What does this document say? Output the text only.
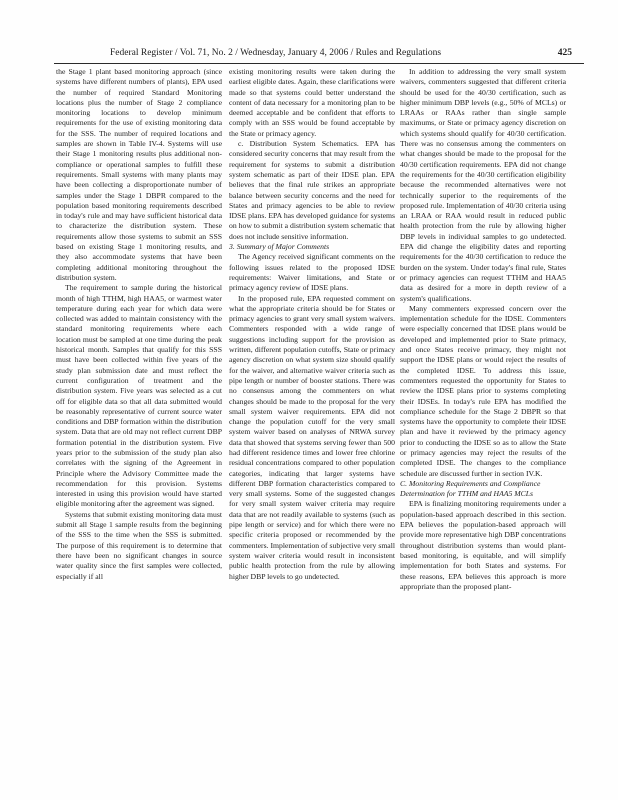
Federal Register / Vol. 71, No. 2 / Wednesday, January 4, 2006 / Rules and Regulations	425

the Stage 1 plant based monitoring approach (since systems have different numbers of plants), EPA used the number of required Standard Monitoring locations plus the number of Stage 2 compliance monitoring locations to develop minimum requirements for the use of existing monitoring data for the SSS. The number of required locations and samples are shown in Table IV-4. Systems will use their Stage 1 monitoring results plus additional non-compliance or operational samples to fulfill these requirements. Small systems with many plants may have been collecting a disproportionate number of samples under the Stage 1 DBPR compared to the population based monitoring requirements described in today's rule and may have sufficient historical data to characterize the distribution system. These requirements allow those systems to submit an SSS based on existing Stage 1 monitoring results, and they also accommodate systems that have been completing additional monitoring throughout the distribution system.

The requirement to sample during the historical month of high TTHM, high HAA5, or warmest water temperature during each year for which data were collected was added to maintain consistency with the standard monitoring requirements where each location must be sampled at one time during the peak historical month. Samples that qualify for this SSS must have been collected within five years of the study plan submission date and must reflect the current configuration of treatment and the distribution system. Five years was selected as a cut off for eligible data so that all data submitted would be reasonably representative of current source water conditions and DBP formation within the distribution system. Data that are old may not reflect current DBP formation potential in the distribution system. Five years prior to the submission of the study plan also correlates with the signing of the Agreement in Principle where the Advisory Committee made the recommendation for this provision. Systems interested in using this provision would have started eligible monitoring after the agreement was signed.

Systems that submit existing monitoring data must submit all Stage 1 sample results from the beginning of the SSS to the time when the SSS is submitted. The purpose of this requirement is to determine that there have been no significant changes in source water quality since the first samples were collected, especially if all

existing monitoring results were taken during the earliest eligible dates. Again, these clarifications were made so that systems could better understand the content of data necessary for a monitoring plan to be deemed acceptable and be confident that efforts to comply with an SSS would be found acceptable by the State or primacy agency.

c. Distribution System Schematics. EPA has considered security concerns that may result from the requirement for systems to submit a distribution system schematic as part of their IDSE plan. EPA believes that the final rule strikes an appropriate balance between security concerns and the need for States and primacy agencies to be able to review IDSE plans. EPA has developed guidance for systems on how to submit a distribution system schematic that does not include sensitive information.

3. Summary of Major Comments

The Agency received significant comments on the following issues related to the proposed IDSE requirements: Waiver limitations, and State or primacy agency review of IDSE plans.

In the proposed rule, EPA requested comment on what the appropriate criteria should be for States or primacy agencies to grant very small system waivers. Commenters responded with a wide range of suggestions including support for the provision as written, different population cutoffs, State or primacy agency discretion on what system size should qualify for the waiver, and alternative waiver criteria such as pipe length or number of booster stations. There was no consensus among the commenters on what changes should be made to the proposal for the very small system waiver requirements. EPA did not change the population cutoff for the very small system waiver based on analyses of NRWA survey data that showed that systems serving fewer than 500 had different residence times and lower free chlorine residual concentrations compared to other population categories, indicating that larger systems have different DBP formation characteristics compared to very small systems. Some of the suggested changes for very small system waiver criteria may require data that are not readily available to systems (such as pipe length or service) and for which there were no specific criteria proposed or recommended by the commenters. Implementation of subjective very small system waiver criteria would result in inconsistent public health protection from the rule by allowing higher DBP levels to go undetected.

In addition to addressing the very small system waivers, commenters suggested that different criteria should be used for the 40/30 certification, such as higher minimum DBP levels (e.g., 50% of MCLs) or LRAAs or RAAs rather than single sample maximums, or State or primacy agency discretion on which systems should qualify for 40/30 certification. There was no consensus among the commenters on what changes should be made to the proposal for the 40/30 certification requirements. EPA did not change the requirements for the 40/30 certification eligibility because the recommended alternatives were not technically superior to the requirements of the proposed rule. Implementation of 40/30 criteria using an LRAA or RAA would result in reduced public health protection from the rule by allowing higher DBP levels in individual samples to go undetected. EPA did change the eligibility dates and reporting requirements for the 40/30 certification to reduce the burden on the system. Under today's final rule, States or primacy agencies can request TTHM and HAA5 data as desired for a more in depth review of a system's qualifications.

Many commenters expressed concern over the implementation schedule for the IDSE. Commenters were especially concerned that IDSE plans would be developed and implemented prior to State primacy, and once States receive primacy, they might not support the IDSE plans or would reject the results of the completed IDSE. To address this issue, commenters requested the opportunity for States to review the IDSE plans prior to systems completing their IDSEs. In today's rule EPA has modified the compliance schedule for the Stage 2 DBPR so that systems have the opportunity to complete their IDSE plan and have it reviewed by the primacy agency prior to conducting the IDSE so as to allow the State or primacy agencies may reject the results of the completed IDSE. The changes to the compliance schedule are discussed further in section IV.K.

C. Monitoring Requirements and Compliance Determination for TTHM and HAA5 MCLs

EPA is finalizing monitoring requirements under a population-based approach described in this section. EPA believes the population-based approach will provide more representative high DBP concentrations throughout distribution systems than would plant-based monitoring, is equitable, and will simplify implementation for both States and systems. For these reasons, EPA believes this approach is more appropriate than the proposed plant-
